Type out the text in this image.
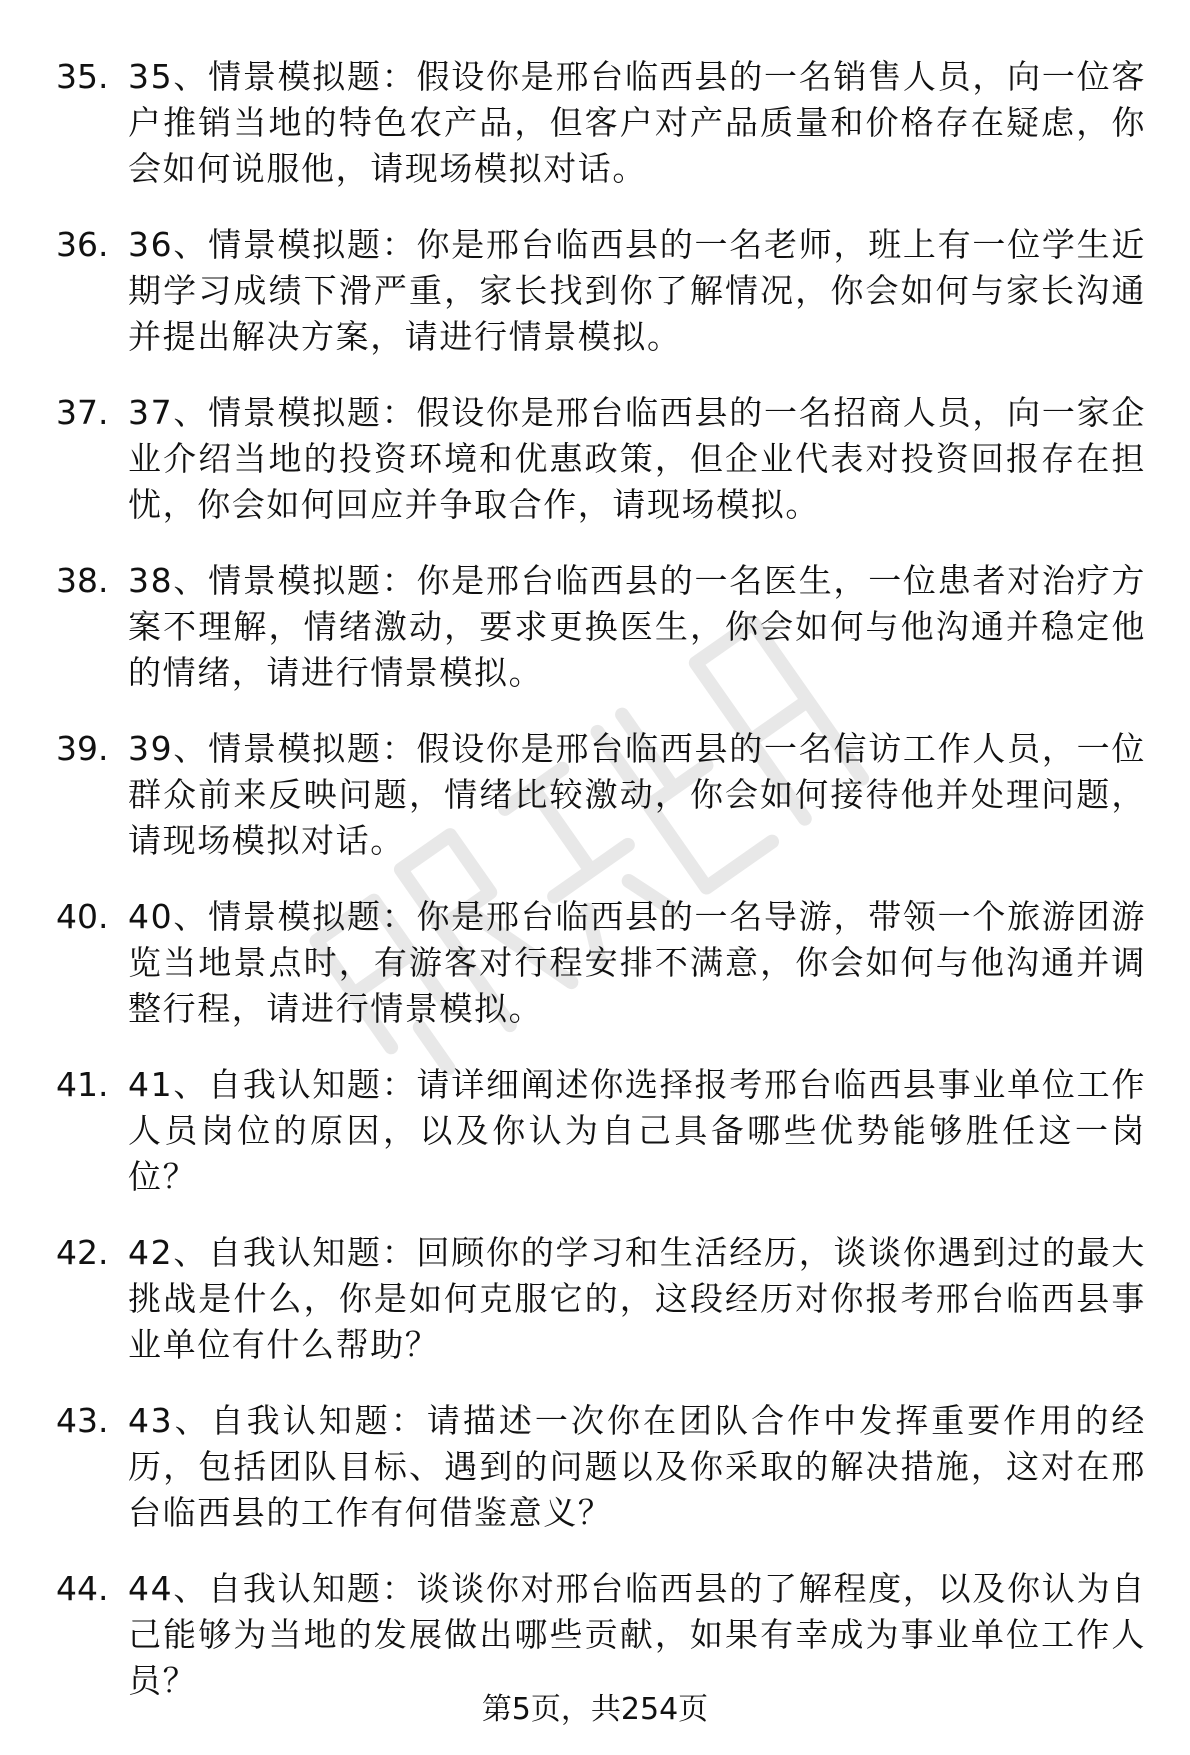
35. 35、情景模拟题：假设你是邢台临西县的一名销售人员，向一位客户推销当地的特色农产品，但客户对产品质量和价格存在疑虑，你会如何说服他，请现场模拟对话。
36. 36、情景模拟题：你是邢台临西县的一名老师，班上有一位学生近期学习成绩下滑严重，家长找到你了解情况，你会如何与家长沟通并提出解决方案，请进行情景模拟。
37. 37、情景模拟题：假设你是邢台临西县的一名招商人员，向一家企业介绍当地的投资环境和优惠政策，但企业代表对投资回报存在担忧，你会如何回应并争取合作，请现场模拟。
38. 38、情景模拟题：你是邢台临西县的一名医生，一位患者对治疗方案不理解，情绪激动，要求更换医生，你会如何与他沟通并稳定他的情绪，请进行情景模拟。
39. 39、情景模拟题：假设你是邢台临西县的一名信访工作人员，一位群众前来反映问题，情绪比较激动，你会如何接待他并处理问题，请现场模拟对话。
40. 40、情景模拟题：你是邢台临西县的一名导游，带领一个旅游团游览当地景点时，有游客对行程安排不满意，你会如何与他沟通并调整行程，请进行情景模拟。
41. 41、自我认知题：请详细阐述你选择报考邢台临西县事业单位工作人员岗位的原因，以及你认为自己具备哪些优势能够胜任这一岗位？
42. 42、自我认知题：回顾你的学习和生活经历，谈谈你遇到过的最大挑战是什么，你是如何克服它的，这段经历对你报考邢台临西县事业单位有什么帮助？
43. 43、自我认知题：请描述一次你在团队合作中发挥重要作用的经历，包括团队目标、遇到的问题以及你采取的解决措施，这对在邢台临西县的工作有何借鉴意义？
44. 44、自我认知题：谈谈你对邢台临西县的了解程度，以及你认为自己能够为当地的发展做出哪些贡献，如果有幸成为事业单位工作人员？
第5页，共254页
